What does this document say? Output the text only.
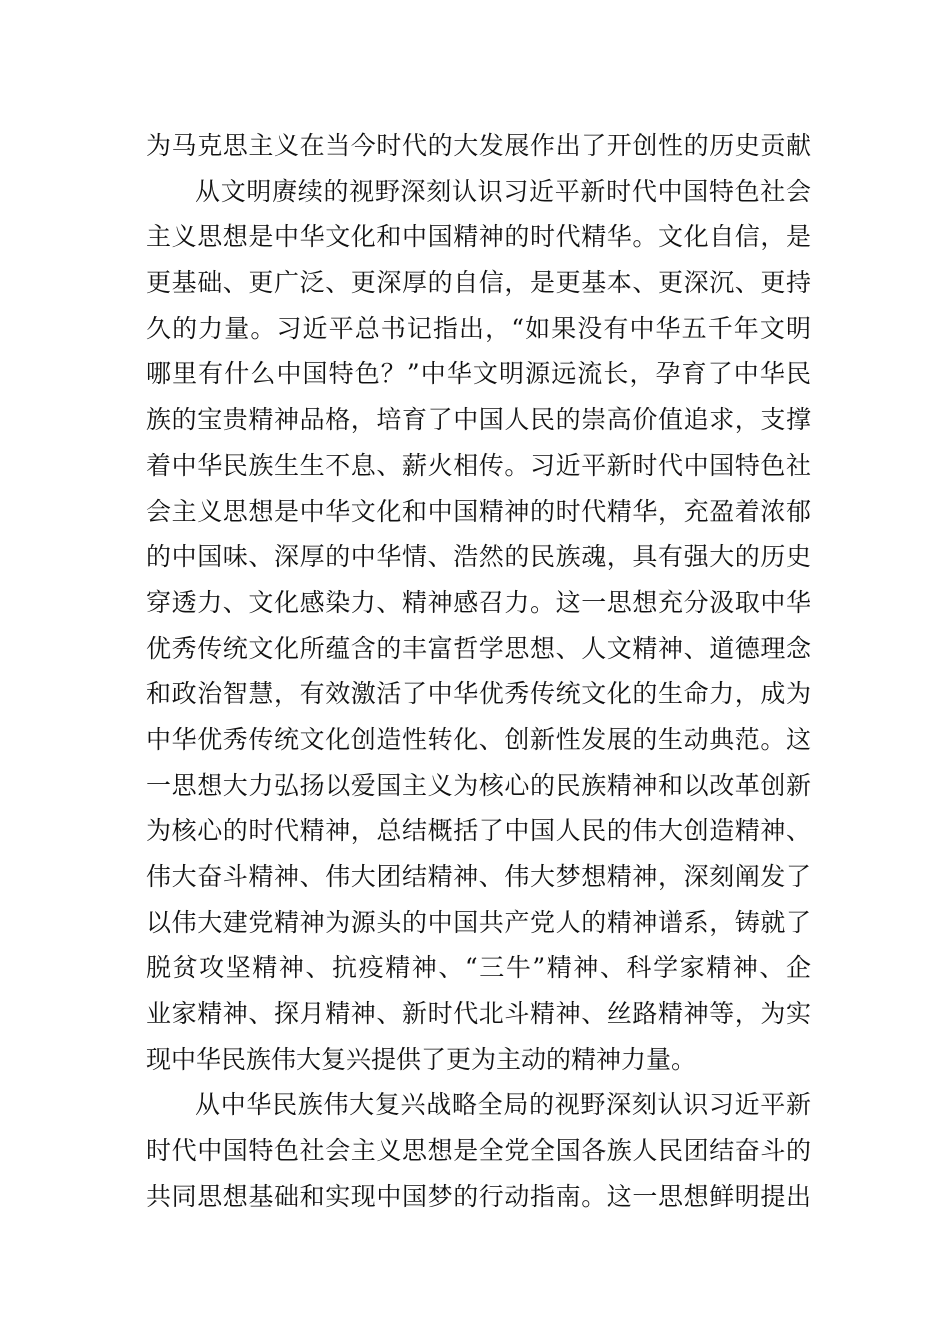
为马克思主义在当今时代的大发展作出了开创性的历史贡献
从文明赓续的视野深刻认识习近平新时代中国特色社会
主义思想是中华文化和中国精神的时代精华。文化自信，是
更基础、更广泛、更深厚的自信，是更基本、更深沉、更持
久的力量。习近平总书记指出，“如果没有中华五千年文明
哪里有什么中国特色？”中华文明源远流长，孕育了中华民
族的宝贵精神品格，培育了中国人民的崇高价值追求，支撑
着中华民族生生不息、薪火相传。习近平新时代中国特色社
会主义思想是中华文化和中国精神的时代精华，充盈着浓郁
的中国味、深厚的中华情、浩然的民族魂，具有强大的历史
穿透力、文化感染力、精神感召力。这一思想充分汲取中华
优秀传统文化所蕴含的丰富哲学思想、人文精神、道德理念
和政治智慧，有效激活了中华优秀传统文化的生命力，成为
中华优秀传统文化创造性转化、创新性发展的生动典范。这
一思想大力弘扬以爱国主义为核心的民族精神和以改革创新
为核心的时代精神，总结概括了中国人民的伟大创造精神、
伟大奋斗精神、伟大团结精神、伟大梦想精神，深刻阐发了
以伟大建党精神为源头的中国共产党人的精神谱系，铸就了
脱贫攻坚精神、抗疫精神、“三牛”精神、科学家精神、企
业家精神、探月精神、新时代北斗精神、丝路精神等，为实
现中华民族伟大复兴提供了更为主动的精神力量。
从中华民族伟大复兴战略全局的视野深刻认识习近平新
时代中国特色社会主义思想是全党全国各族人民团结奋斗的
共同思想基础和实现中国梦的行动指南。这一思想鲜明提出
